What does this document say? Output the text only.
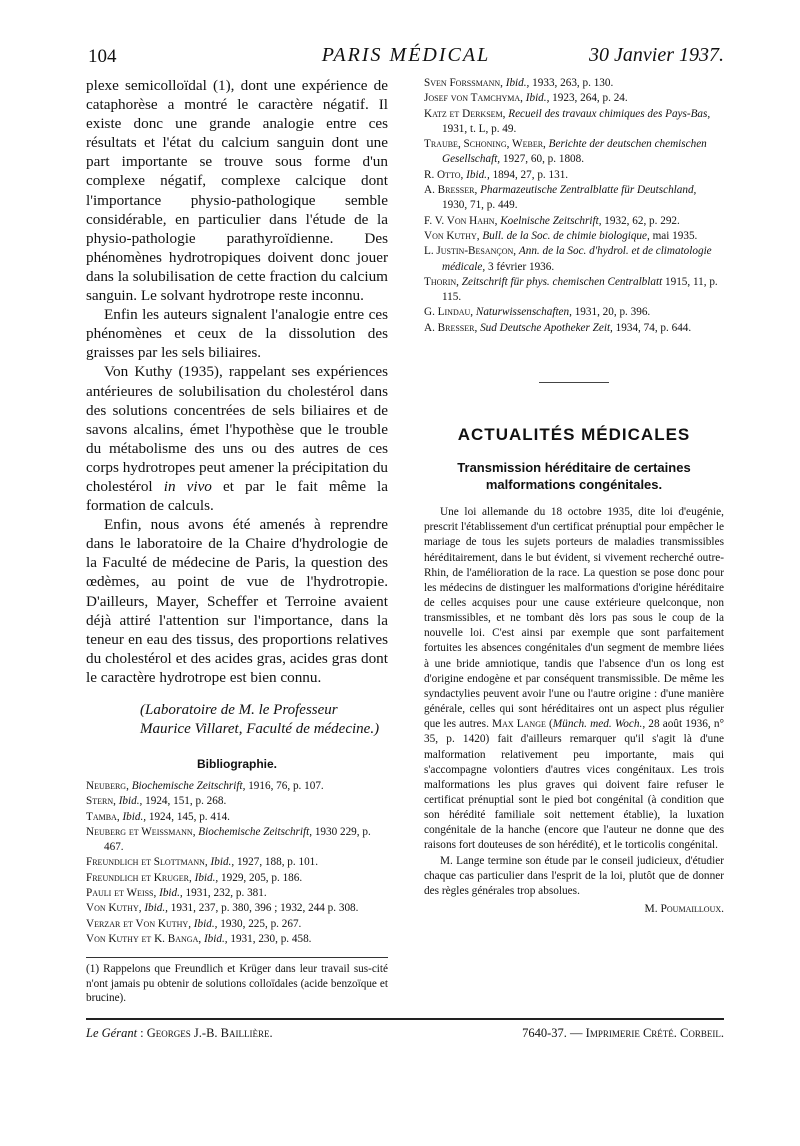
104	PARIS MÉDICAL	30 Janvier 1937.

plexe semicolloïdal (1), dont une expérience de cataphorèse a montré le caractère négatif. Il existe donc une grande analogie entre ces résultats et l'état du calcium sanguin dont une part importante se trouve sous forme d'un complexe négatif, complexe calcique dont l'importance physio-pathologique semble considérable, en particulier dans l'étude de la physio-pathologie parathyroïdienne. Des phénomènes hydrotropiques doivent donc jouer dans la solubilisation de cette fraction du calcium sanguin. Le solvant hydrotrope reste inconnu.

Enfin les auteurs signalent l'analogie entre ces phénomènes et ceux de la dissolution des graisses par les sels biliaires.

Von Kuthy (1935), rappelant ses expériences antérieures de solubilisation du cholestérol dans des solutions concentrées de sels biliaires et de savons alcalins, émet l'hypothèse que le trouble du métabolisme des uns ou des autres de ces corps hydrotropes peut amener la précipitation du cholestérol in vivo et par le fait même la formation de calculs.

Enfin, nous avons été amenés à reprendre dans le laboratoire de la Chaire d'hydrologie de la Faculté de médecine de Paris, la question des œdèmes, au point de vue de l'hydrotropie. D'ailleurs, Mayer, Scheffer et Terroine avaient déjà attiré l'attention sur l'importance, dans la teneur en eau des tissus, des proportions relatives du cholestérol et des acides gras, acides gras dont le caractère hydrotrope est bien connu.

(Laboratoire de M. le Professeur Maurice Villaret, Faculté de médecine.)

Bibliographie.

Neuberg, Biochemische Zeitschrift, 1916, 76, p. 107.

Stern, Ibid., 1924, 151, p. 268.

Tamba, Ibid., 1924, 145, p. 414.

Neuberg et Weissmann, Biochemische Zeitschrift, 1930 229, p. 467.

Freundlich et Slottmann, Ibid., 1927, 188, p. 101.

Freundlich et Kruger, Ibid., 1929, 205, p. 186.

Pauli et Weiss, Ibid., 1931, 232, p. 381.

Von Kuthy, Ibid., 1931, 237, p. 380, 396 ; 1932, 244 p. 308.

Verzar et Von Kuthy, Ibid., 1930, 225, p. 267.

Von Kuthy et K. Banga, Ibid., 1931, 230, p. 458.

(1) Rappelons que Freundlich et Krüger dans leur travail sus-cité n'ont jamais pu obtenir de solutions colloïdales (acide benzoïque et brucine).

Sven Forssmann, Ibid., 1933, 263, p. 130.

Josef von Tamchyma, Ibid., 1923, 264, p. 24.

Katz et Derksem, Recueil des travaux chimiques des Pays-Bas, 1931, t. L, p. 49.

Traube, Schoning, Weber, Berichte der deutschen chemischen Gesellschaft, 1927, 60, p. 1808.

R. Otto, Ibid., 1894, 27, p. 131.

A. Bresser, Pharmazeutische Zentralblatte für Deutschland, 1930, 71, p. 449.

F. V. Von Hahn, Koelnische Zeitschrift, 1932, 62, p. 292.

Von Kuthy, Bull. de la Soc. de chimie biologique, mai 1935.

L. Justin-Besançon, Ann. de la Soc. d'hydrol. et de climatologie médicale, 3 février 1936.

Thorin, Zeitschrift für phys. chemischen Centralblatt 1915, 11, p. 115.

G. Lindau, Naturwissenschaften, 1931, 20, p. 396.

A. Bresser, Sud Deutsche Apotheker Zeit, 1934, 74, p. 644.

ACTUALITÉS MÉDICALES
Transmission héréditaire de certaines malformations congénitales.

Une loi allemande du 18 octobre 1935, dite loi d'eugénie, prescrit l'établissement d'un certificat prénuptial pour empêcher le mariage de tous les sujets porteurs de maladies transmissibles héréditairement, dans le but évident, si vivement recherché outre-Rhin, de l'amélioration de la race. La question se pose donc pour les médecins de distinguer les malformations d'origine héréditaire de celles acquises pour une cause extérieure quelconque, non transmissibles, et ne tombant dès lors pas sous le coup de la nouvelle loi. C'est ainsi par exemple que sont parfaitement fortuites les absences congénitales d'un segment de membre liées à une bride amniotique, tandis que l'absence d'un os long est d'origine endogène et par conséquent transmissible. De même les syndactylies peuvent avoir l'une ou l'autre origine : d'une manière générale, celles qui sont héréditaires ont un aspect plus régulier que les autres. Max Lange (Münch. med. Woch., 28 août 1936, n° 35, p. 1420) fait d'ailleurs remarquer qu'il s'agit là d'une malformation relativement peu importante, mais qui s'accompagne volontiers d'autres vices congénitaux. Les trois malformations les plus graves qui doivent faire refuser le certificat prénuptial sont le pied bot congénital (à condition que son hérédité familiale soit nettement établie), la luxation congénitale de la hanche (encore que l'auteur ne donne que des raisons fort douteuses de son hérédité), et le torticolis congénital.

M. Lange termine son étude par le conseil judicieux, d'étudier chaque cas particulier dans l'esprit de la loi, plutôt que de donner des règles générales trop absolues.

M. Poumailloux.

Le Gérant : Georges J.-B. Baillière.	7640-37. — Imprimerie Crété. Corbeil.
